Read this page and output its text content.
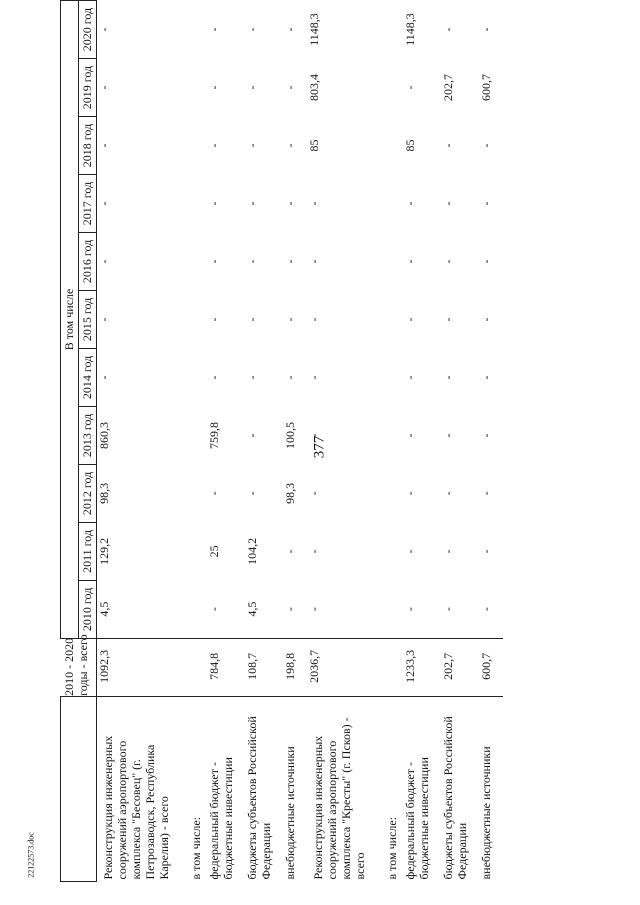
377
22122573.doc

	2010 - 2020 годы - всего	В том числе										
		2010 год	2011 год	2012 год	2013 год	2014 год	2015 год	2016 год	2017 год	2018 год	2019 год	2020 год
Реконструкция инженерных сооружений аэропортового комплекса "Бесовец" (г. Петрозаводск, Республика Карелия) - всего	1092,3	4,5	129,2	98,3	860,3	-	-	-	-	-	-	-
в том числе:												
федеральный бюджет - бюджетные инвестиции	784,8	-	25	-	759,8	-	-	-	-	-	-	-
бюджеты субъектов Российской Федерации	108,7	4,5	104,2	-	-	-	-	-	-	-	-	-
внебюджетные источники	198,8	-	-	98,3	100,5	-	-	-	-	-	-	-
Реконструкция инженерных сооружений аэропортового комплекса "Кресты" (г. Псков) - всего	2036,7	-	-	-	-	-	-	-	-	85	803,4	1148,3
в том числе:												
федеральный бюджет - бюджетные инвестиции	1233,3	-	-	-	-	-	-	-	-	85	-	1148,3
бюджеты субъектов Российской Федерации	202,7	-	-	-	-	-	-	-	-	-	202,7	-
внебюджетные источники	600,7	-	-	-	-	-	-	-	-	-	600,7	-
